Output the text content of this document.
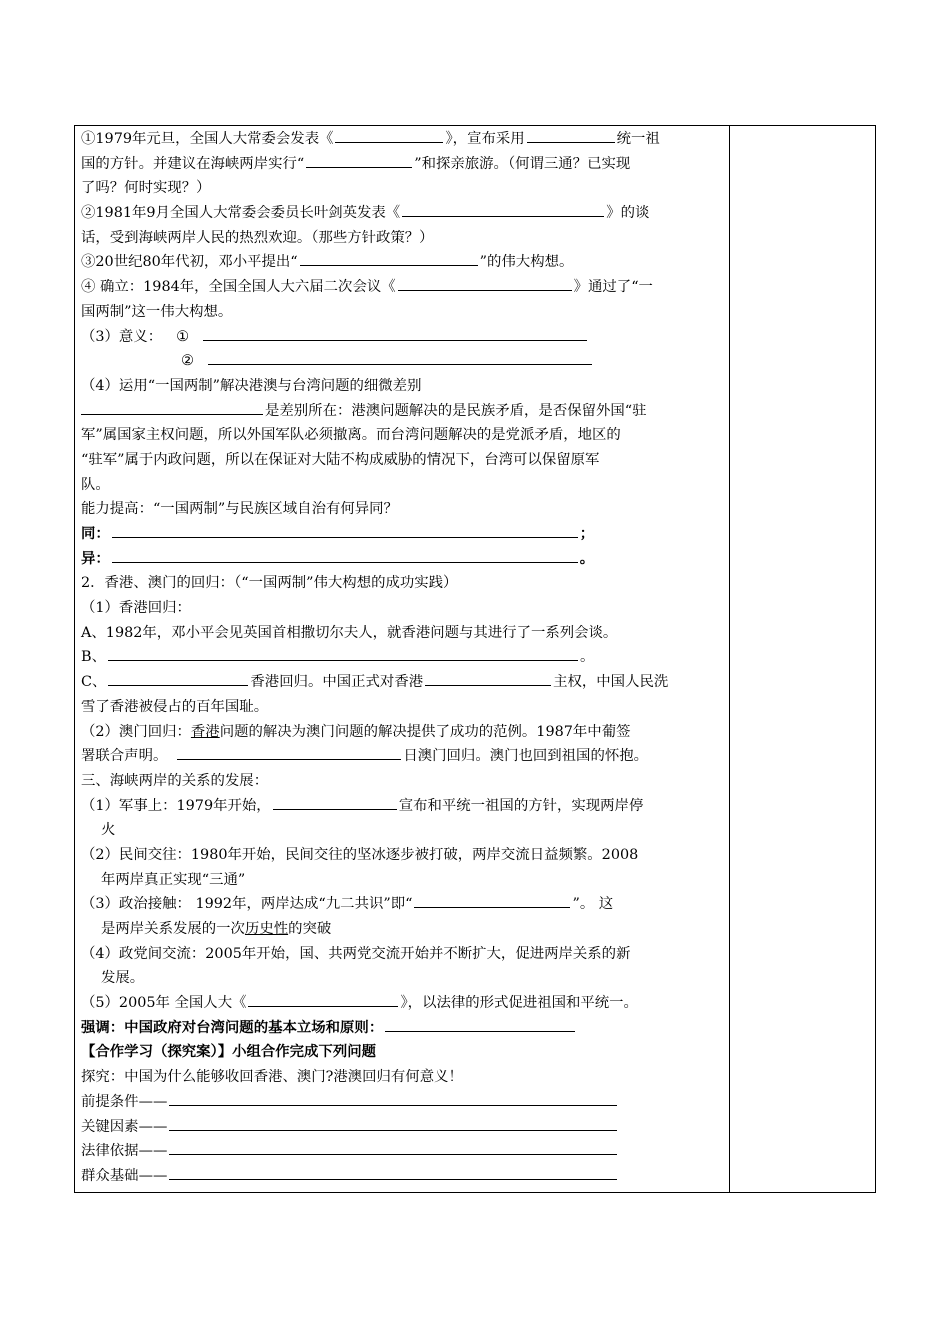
①1979年元旦，全国人大常委会发表《	》，宣布采用	统一祖
国的方针。并建议在海峡两岸实行“	”和探亲旅游。（何谓三通？已实现
了吗？何时实现？）
②1981年9月全国人大常委会委员长叶剑英发表《	》的谈
话，受到海峡两岸人民的热烈欢迎。（那些方针政策？）
③20世纪80年代初，邓小平提出“	”的伟大构想。
④ 确立：1984年，全国全国人大六届二次会议《	》通过了“一
国两制”这一伟大构想。
（3）意义： ①
②
（4）运用“一国两制”解决港澳与台湾问题的细微差别
是差别所在：港澳问题解决的是民族矛盾，是否保留外国“驻
军”属国家主权问题，所以外国军队必须撤离。而台湾问题解决的是党派矛盾，地区的
“驻军”属于内政问题，所以在保证对大陆不构成威胁的情况下，台湾可以保留原军
队。
能力提高：“一国两制”与民族区域自治有何异同？
同：	；
异：	。
2．香港、澳门的回归：（“一国两制”伟大构想的成功实践）
（1）香港回归：
A、1982年，邓小平会见英国首相撒切尔夫人，就香港问题与其进行了一系列会谈。
B、	。
C、	香港回归。中国正式对香港	主权，中国人民洗
雪了香港被侵占的百年国耻。
（2）澳门回归：香港问题的解决为澳门问题的解决提供了成功的范例。1987年中葡签
署联合声明。	日澳门回归。澳门也回到祖国的怀抱。
三、海峡两岸的关系的发展：
（1）军事上：1979年开始，	宣布和平统一祖国的方针，实现两岸停
火
（2）民间交往：1980年开始，民间交往的坚冰逐步被打破，两岸交流日益频繁。2008
年两岸真正实现“三通”
（3）政治接触： 1992年，两岸达成“九二共识”即“	”。 这
是两岸关系发展的一次历史性的突破
（4）政党间交流：2005年开始，国、共两党交流开始并不断扩大，促进两岸关系的新
发展。
（5）2005年 全国人大《	》，以法律的形式促进祖国和平统一。
强调：中国政府对台湾问题的基本立场和原则：
【合作学习（探究案）】小组合作完成下列问题
探究：中国为什么能够收回香港、澳门?港澳回归有何意义！
前提条件——
关键因素——
法律依据——
群众基础——
